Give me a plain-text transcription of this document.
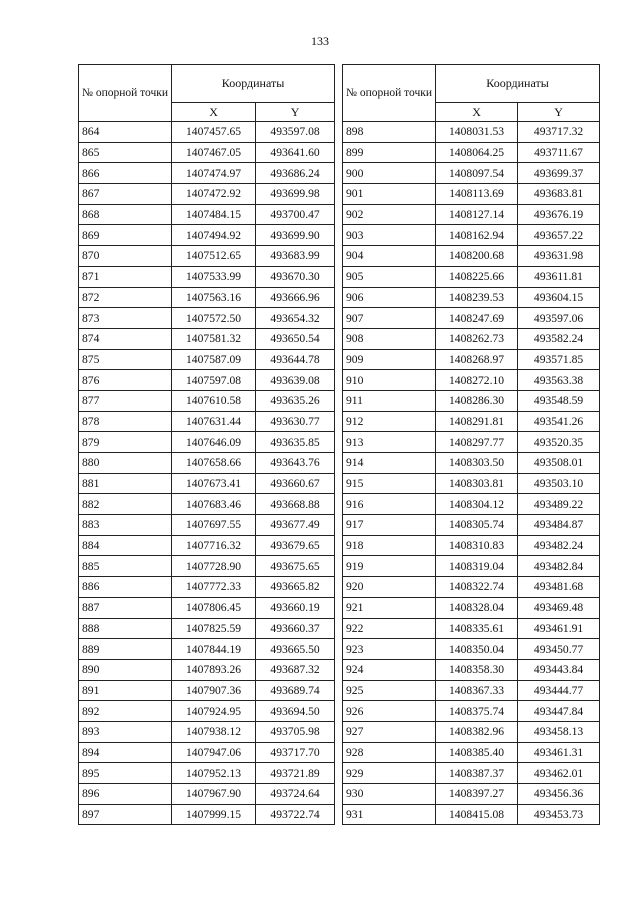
133
№ опорной точки	Координаты	
	X	Y
864	1407457.65	493597.08
865	1407467.05	493641.60
866	1407474.97	493686.24
867	1407472.92	493699.98
868	1407484.15	493700.47
869	1407494.92	493699.90
870	1407512.65	493683.99
871	1407533.99	493670.30
872	1407563.16	493666.96
873	1407572.50	493654.32
874	1407581.32	493650.54
875	1407587.09	493644.78
876	1407597.08	493639.08
877	1407610.58	493635.26
878	1407631.44	493630.77
879	1407646.09	493635.85
880	1407658.66	493643.76
881	1407673.41	493660.67
882	1407683.46	493668.88
883	1407697.55	493677.49
884	1407716.32	493679.65
885	1407728.90	493675.65
886	1407772.33	493665.82
887	1407806.45	493660.19
888	1407825.59	493660.37
889	1407844.19	493665.50
890	1407893.26	493687.32
891	1407907.36	493689.74
892	1407924.95	493694.50
893	1407938.12	493705.98
894	1407947.06	493717.70
895	1407952.13	493721.89
896	1407967.90	493724.64
897	1407999.15	493722.74
№ опорной точки	Координаты	
	X	Y
898	1408031.53	493717.32
899	1408064.25	493711.67
900	1408097.54	493699.37
901	1408113.69	493683.81
902	1408127.14	493676.19
903	1408162.94	493657.22
904	1408200.68	493631.98
905	1408225.66	493611.81
906	1408239.53	493604.15
907	1408247.69	493597.06
908	1408262.73	493582.24
909	1408268.97	493571.85
910	1408272.10	493563.38
911	1408286.30	493548.59
912	1408291.81	493541.26
913	1408297.77	493520.35
914	1408303.50	493508.01
915	1408303.81	493503.10
916	1408304.12	493489.22
917	1408305.74	493484.87
918	1408310.83	493482.24
919	1408319.04	493482.84
920	1408322.74	493481.68
921	1408328.04	493469.48
922	1408335.61	493461.91
923	1408350.04	493450.77
924	1408358.30	493443.84
925	1408367.33	493444.77
926	1408375.74	493447.84
927	1408382.96	493458.13
928	1408385.40	493461.31
929	1408387.37	493462.01
930	1408397.27	493456.36
931	1408415.08	493453.73
